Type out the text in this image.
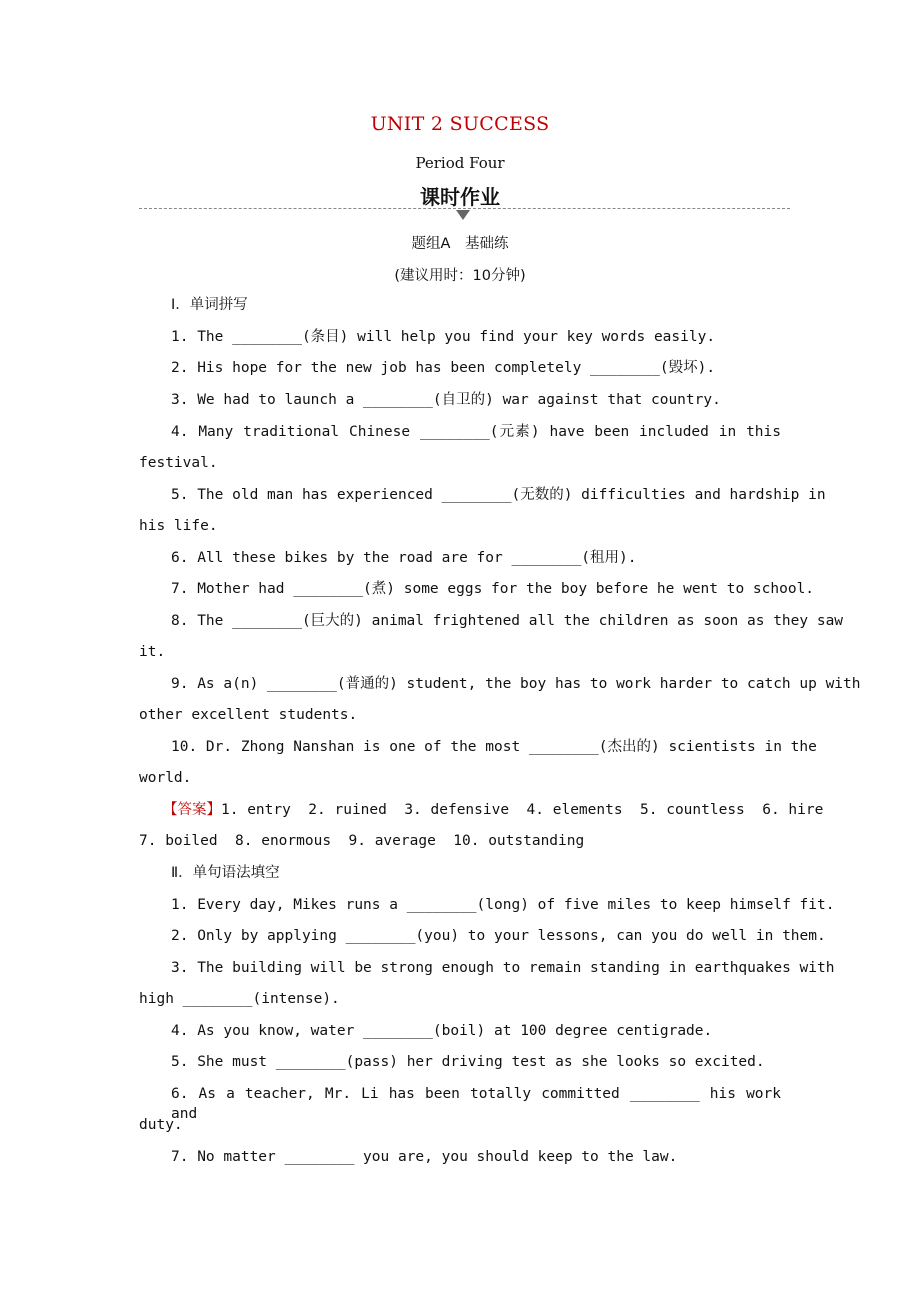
UNIT 2 SUCCESS
Period Four
课时作业
题组A　基础练
(建议用时：10分钟)
Ⅰ．单词拼写
1. The ________(条目) will help you find your key words easily.
2. His hope for the new job has been completely ________(毁坏).
3. We had to launch a ________(自卫的) war against that country.
4. Many traditional Chinese ________(元素) have been included in this
festival.
5. The old man has experienced ________(无数的) difficulties and hardship in
his life.
6. All these bikes by the road are for ________(租用).
7. Mother had ________(煮) some eggs for the boy before he went to school.
8. The ________(巨大的) animal frightened all the children as soon as they saw
it.
9. As a(n) ________(普通的) student, the boy has to work harder to catch up with
other excellent students.
10. Dr. Zhong Nanshan is one of the most ________(杰出的) scientists in the
world.
【答案】1. entry  2. ruined  3. defensive  4. elements  5. countless  6. hire
7. boiled  8. enormous  9. average  10. outstanding
Ⅱ．单句语法填空
1. Every day, Mikes runs a ________(long) of five miles to keep himself fit.
2. Only by applying ________(you) to your lessons, can you do well in them.
3. The building will be strong enough to remain standing in earthquakes with
high ________(intense).
4. As you know, water ________(boil) at 100 degree centigrade.
5. She must ________(pass) her driving test as she looks so excited.
6. As a teacher, Mr. Li has been totally committed ________ his work and
duty.
7. No matter ________ you are, you should keep to the law.
